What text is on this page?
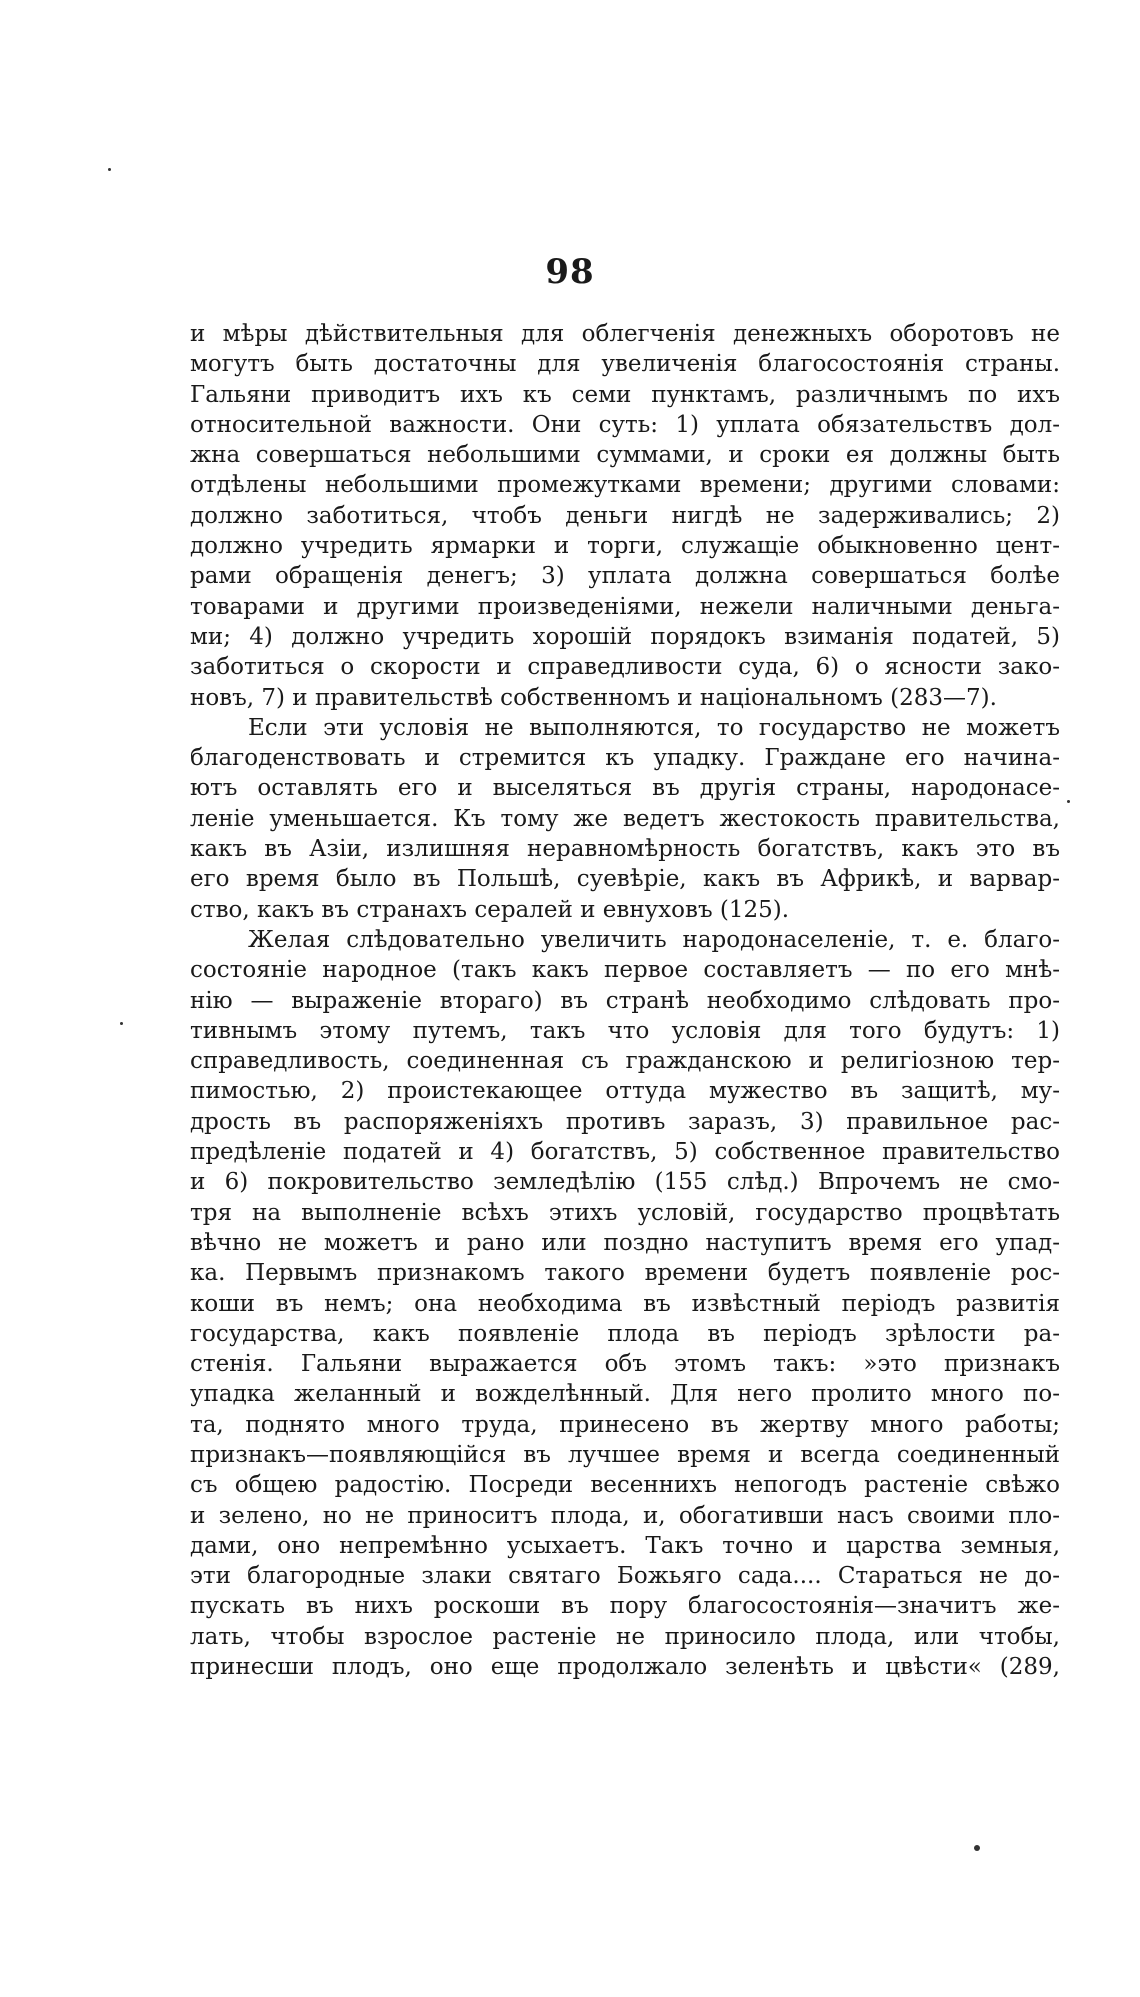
98
и мѣры дѣйствительныя для облегченія денежныхъ оборотовъ не
могутъ быть достаточны для увеличенія благосостоянія страны.
Гальяни приводитъ ихъ къ семи пунктамъ, различнымъ по ихъ
относительной важности. Они суть: 1) уплата обязательствъ дол-
жна совершаться небольшими суммами, и сроки ея должны быть
отдѣлены небольшими промежутками времени; другими словами:
должно заботиться, чтобъ деньги нигдѣ не задерживались; 2)
должно учредить ярмарки и торги, служащіе обыкновенно цент-
рами обращенія денегъ; 3) уплата должна совершаться болѣе
товарами и другими произведеніями, нежели наличными деньга-
ми; 4) должно учредить хорошій порядокъ взиманія податей, 5)
заботиться о скорости и справедливости суда, 6) о ясности зако-
новъ, 7) и правительствѣ собственномъ и національномъ (283—7).
Если эти условія не выполняются, то государство не можетъ
благоденствовать и стремится къ упадку. Граждане его начина-
ютъ оставлять его и выселяться въ другія страны, народонасе-
леніе уменьшается. Къ тому же ведетъ жестокость правительства,
какъ въ Азіи, излишняя неравномѣрность богатствъ, какъ это въ
его время было въ Польшѣ, суевѣріе, какъ въ Африкѣ, и варвар-
ство, какъ въ странахъ сералей и евнуховъ (125).
Желая слѣдовательно увеличить народонаселеніе, т. е. благо-
состояніе народное (такъ какъ первое составляетъ — по его мнѣ-
нію — выраженіе втораго) въ странѣ необходимо слѣдовать про-
тивнымъ этому путемъ, такъ что условія для того будутъ: 1)
справедливость, соединенная съ гражданскою и религіозною тер-
пимостью, 2) проистекающее оттуда мужество въ защитѣ, му-
дрость въ распоряженіяхъ противъ заразъ, 3) правильное рас-
предѣленіе податей и 4) богатствъ, 5) собственное правительство
и 6) покровительство земледѣлію (155 слѣд.) Впрочемъ не смо-
тря на выполненіе всѣхъ этихъ условій, государство процвѣтать
вѣчно не можетъ и рано или поздно наступитъ время его упад-
ка. Первымъ признакомъ такого времени будетъ появленіе рос-
коши въ немъ; она необходима въ извѣстный періодъ развитія
государства, какъ появленіе плода въ періодъ зрѣлости ра-
стенія. Гальяни выражается объ этомъ такъ: »это признакъ
упадка желанный и вожделѣнный. Для него пролито много по-
та, поднято много труда, принесено въ жертву много работы;
признакъ—появляющійся въ лучшее время и всегда соединенный
съ общею радостію. Посреди весеннихъ непогодъ растеніе свѣжо
и зелено, но не приноситъ плода, и, обогативши насъ своими пло-
дами, оно непремѣнно усыхаетъ. Такъ точно и царства земныя,
эти благородные злаки святаго Божьяго сада.... Стараться не до-
пускать въ нихъ роскоши въ пору благосостоянія—значитъ же-
лать, чтобы взрослое растеніе не приносило плода, или чтобы,
принесши плодъ, оно еще продолжало зеленѣть и цвѣсти« (289,
